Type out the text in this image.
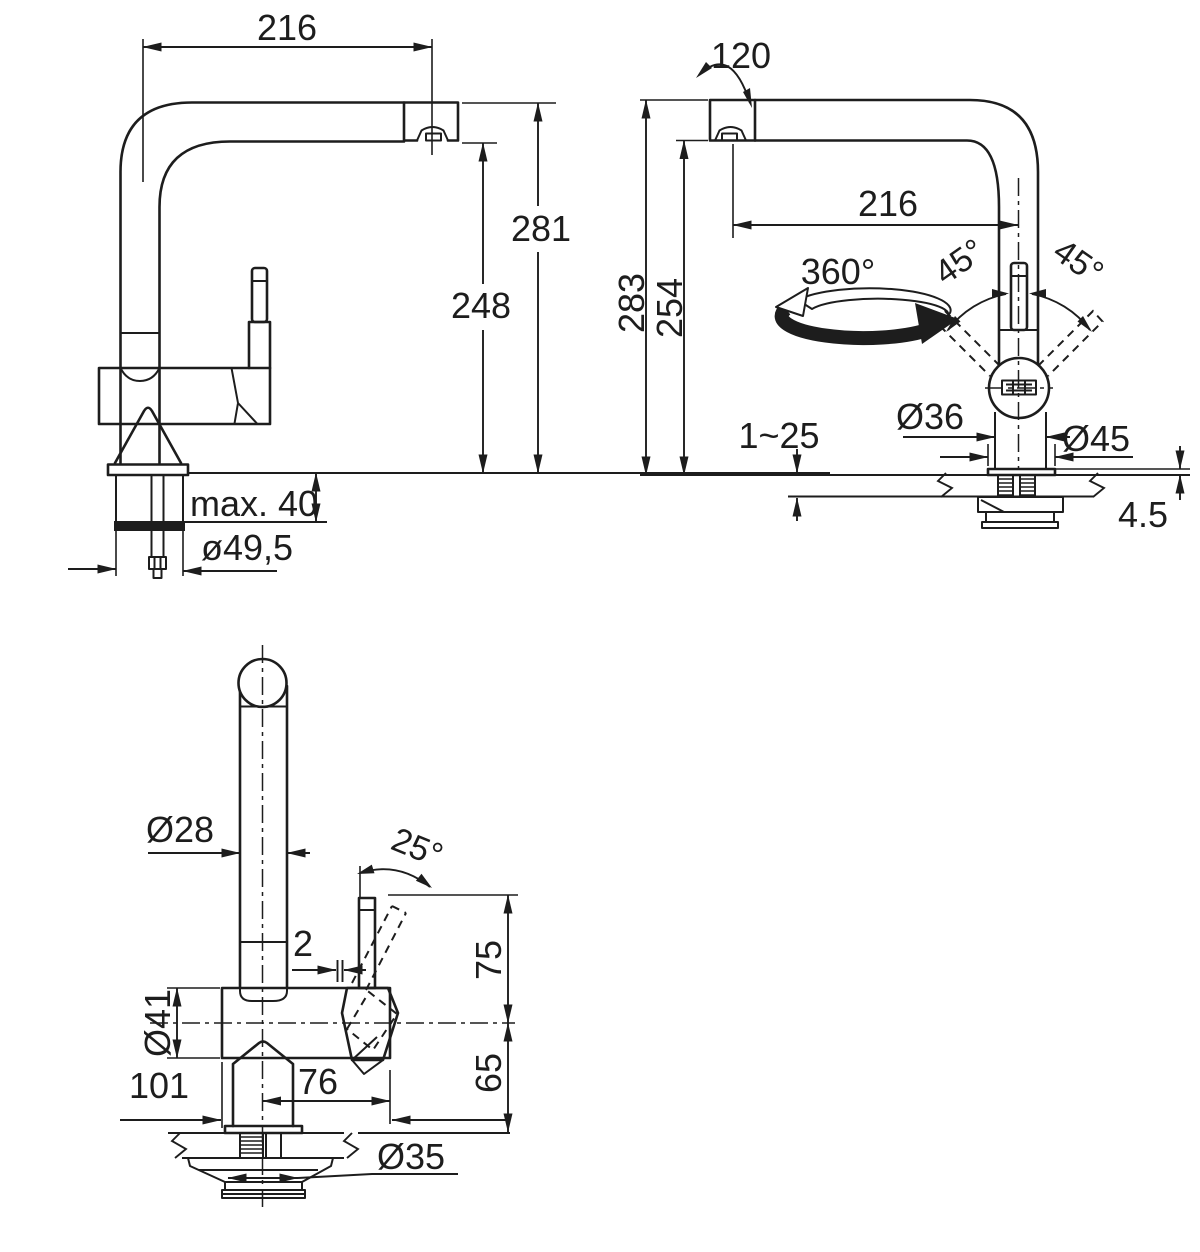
216
281
248
max. 40
ø49,5
120
283
254
216
360° 45° 45°
1~25 Ø36
Ø45
4.5
Ø28	25°
2
Ø41
75
65
76
101
Ø35
